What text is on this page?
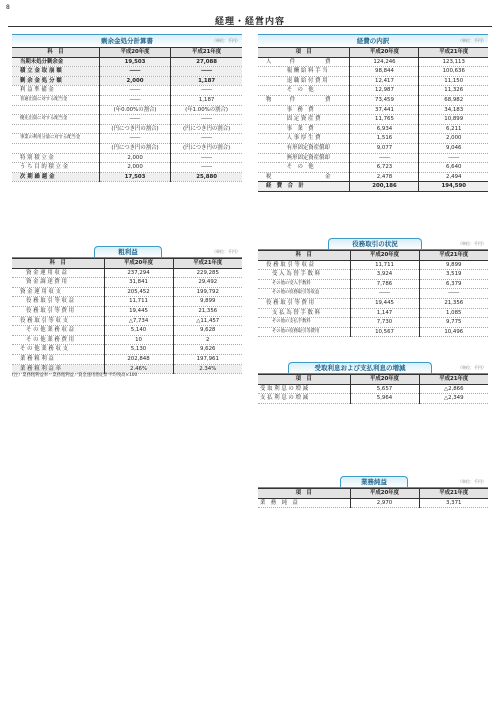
8
経理・経営内容
剰余金処分計算書	（単位：千円）
科　目	平成20年度	平成21年度
当期未処分剰余金	19,503	27,088
積 立 金 取 崩 額	――	――
剰 余 金 処 分 額	2,000	1,187
利 益 準 備 金	――	――
普通出資に対する配当金	――	1,187
	(年0.00%の割合)	(年1.00%の割合)
優先出資に対する配当金	――	――
	(円につき円の割合)	(円につき円の割合)
事業の利用分量に対する配当金	――	――
	(円につき円の割合)	(円につき円の割合)
特 別 積 立 金	2,000	――
う ち 目 的 積 立 金	2,000	――
次 期 繰 越 金	17,503	25,880
経費の内訳	（単位：千円）
項　目			平成20年度	平成21年度
人	件	費	124,246	123,113
	報 酬 給 料 手 当		98,844	100,636
	退 職 給 付 費 用		12,417	11,150
	そ　の　他		12,987	11,326
物	件	費	73,459	68,982
	事　務　費		37,441	34,183
	固 定 資 産 費		11,765	10,899
	事　業　費		6,934	6,211
	人 事 厚 生 費		1,516	2,000
	有形固定資産償却		9,077	9,046
	無形固定資産償却		――	――
	そ　の　他		6,723	6,640
税		金	2,478	2,494
経　費　合　計			200,186	194,590
役務取引の状況	（単位：千円）
科　目	平成20年度	平成21年度
役 務 取 引 等 収 益	11,711	9,899
受 入 為 替 手 数 料	3,924	3,519
その他の受入手数料	7,786	6,379
その他の役務取引等収益	――	――
役 務 取 引 等 費 用	19,445	21,356
支 払 為 替 手 数 料	1,147	1,085
その他の支払手数料	7,730	9,775
その他の役務取引等費用	10,567	10,496
粗利益	（単位：千円）
科　目	平成20年度	平成21年度
資 金 運 用 収 益	237,294	229,285
資 金 調 達 費 用	31,841	29,492
資 金 運 用 収 支	205,452	199,792
役 務 取 引 等 収 益	11,711	9,899
役 務 取 引 等 費 用	19,445	21,356
役 務 取 引 等 収 支	△7,734	△11,457
そ の 他 業 務 収 益	5,140	9,628
そ の 他 業 務 費 用	10	2
そ の 他 業 務 収 支	5,130	9,626
業 務 粗 利 益	202,848	197,961
業 務 粗 利 益 率	2.46%	2.34%
(注）業務粗利益率＝業務粗利益／資金運用勘定計平均残高×100
受取利息および支払利息の増減	（単位：千円）
項　目	平成20年度	平成21年度
受 取 利 息 の 増 減	5,657	△2,866
支 払 利 息 の 増 減	5,964	△2,349
業務純益	（単位：千円）
項　目	平成20年度	平成21年度
業　務　純　益	2,970	3,371
